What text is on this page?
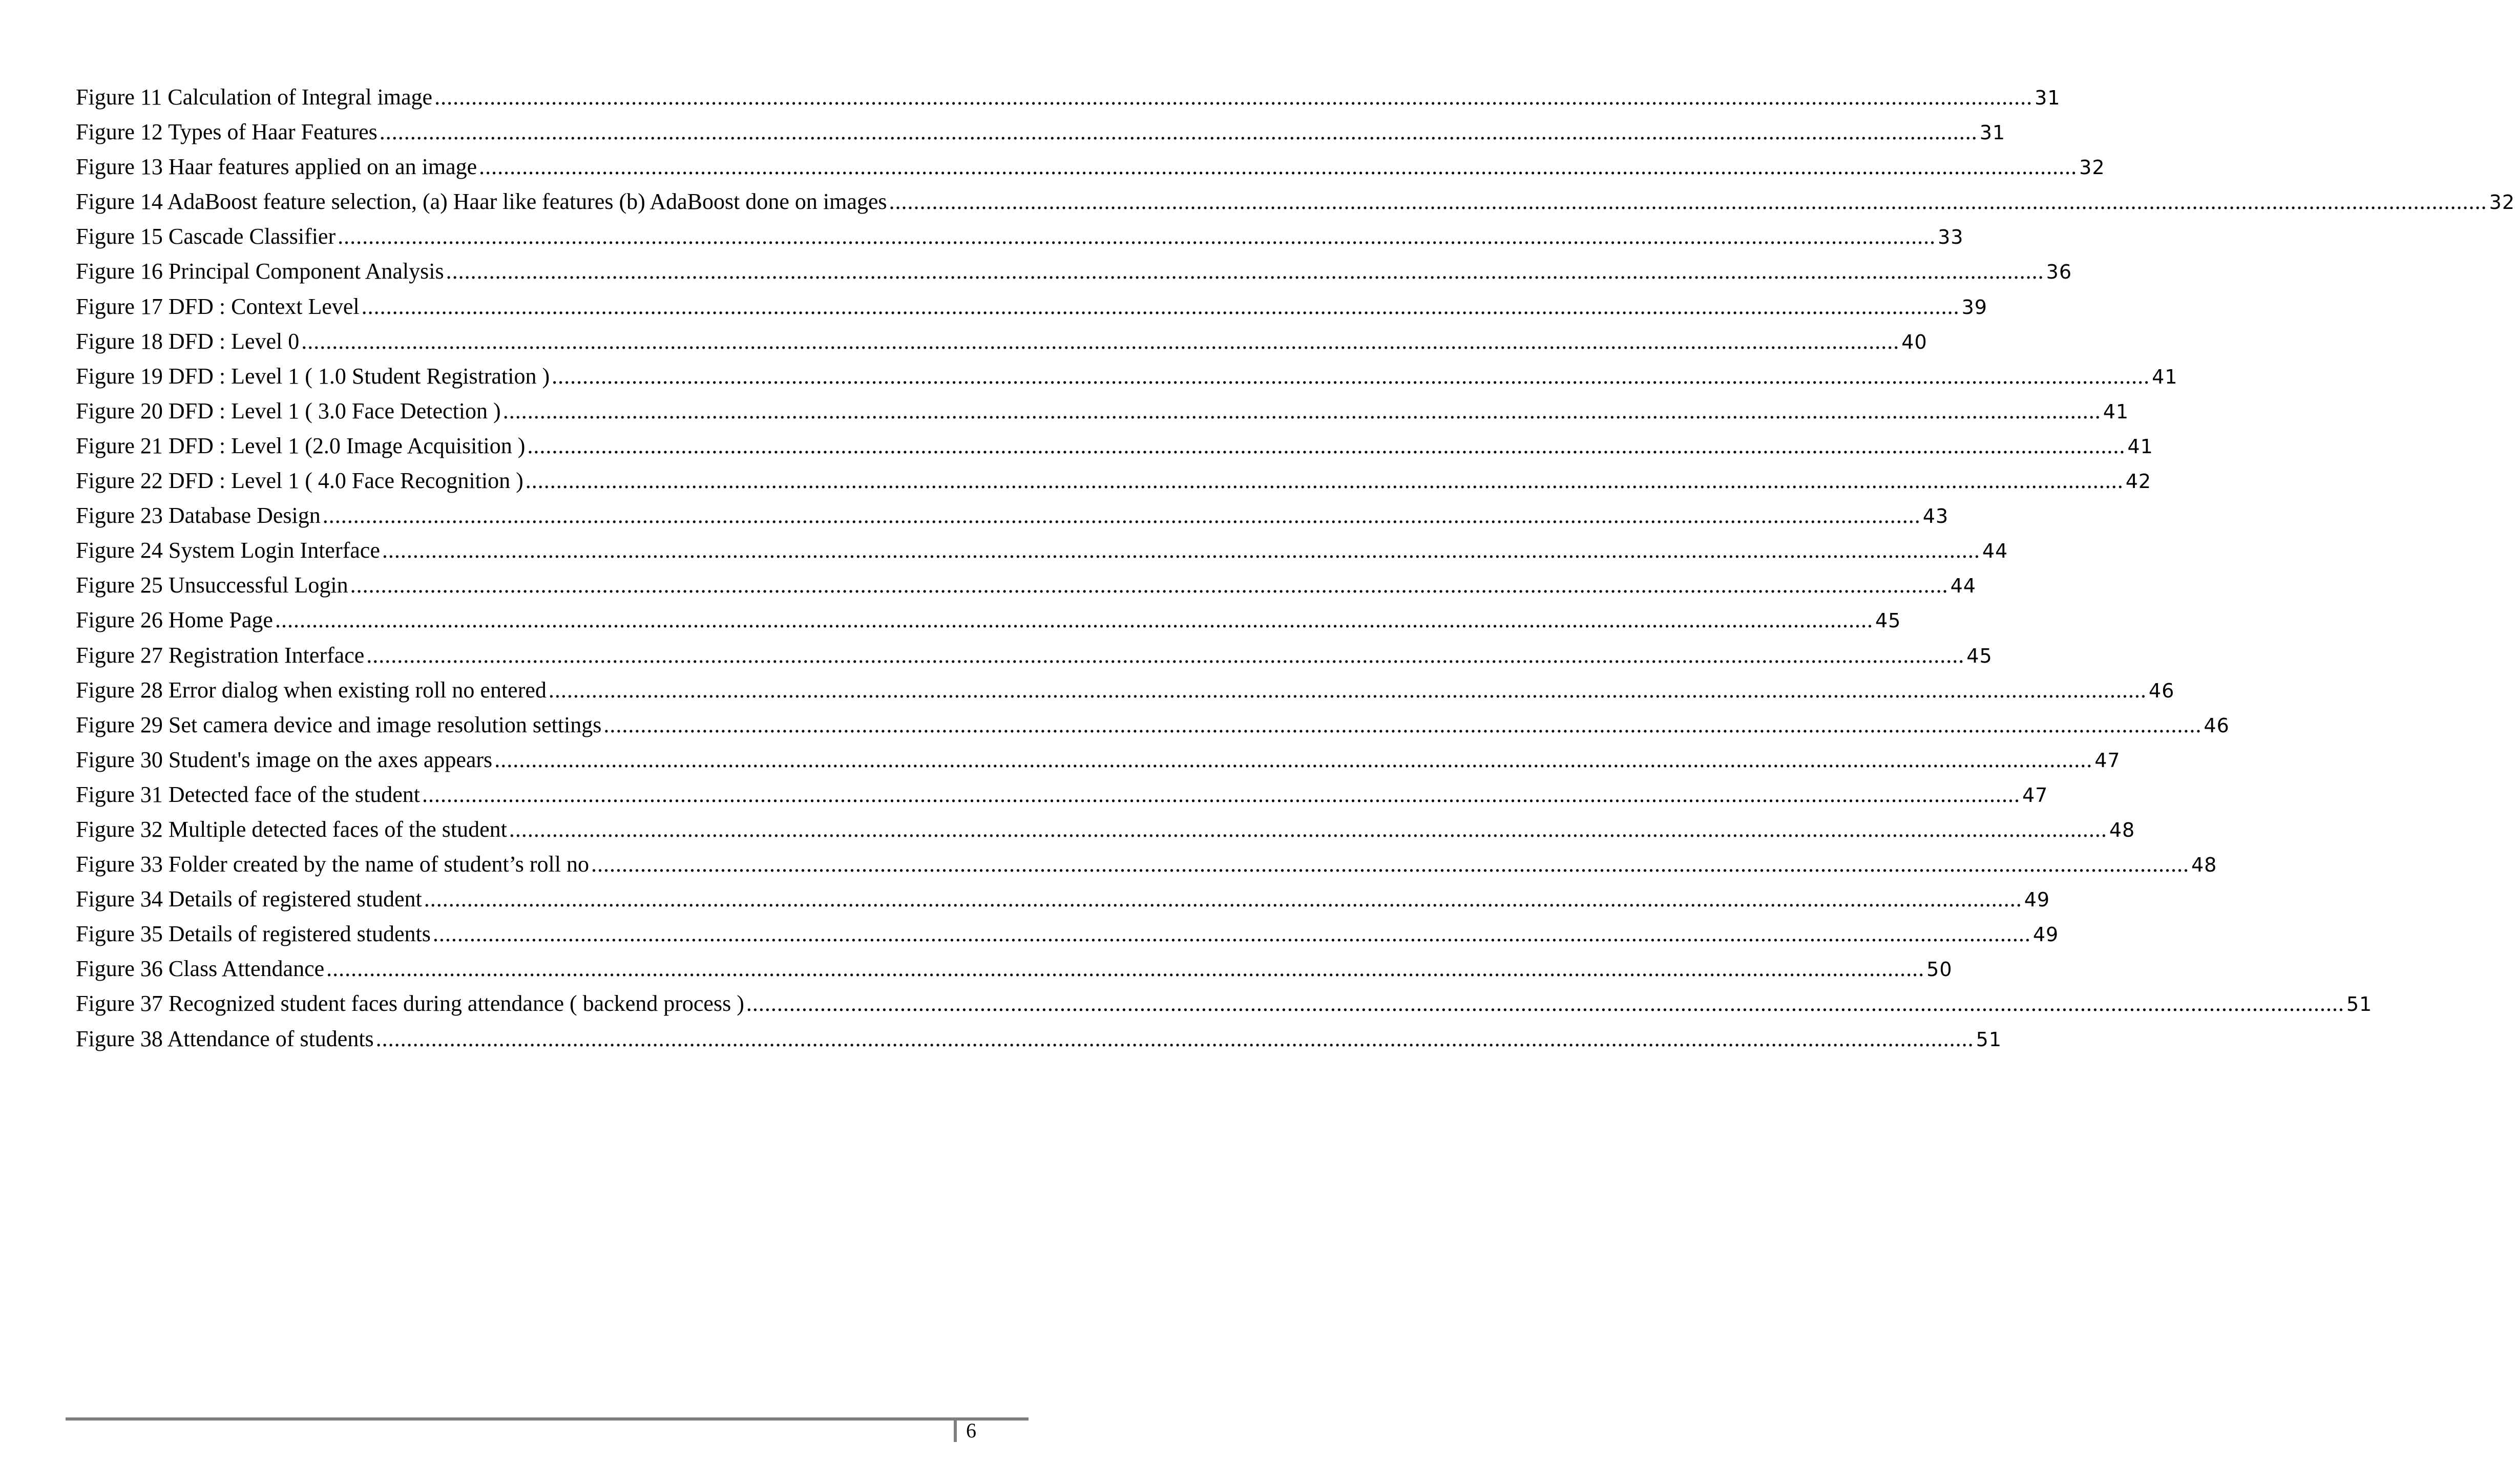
Figure 11 Calculation of Integral image .................................................................................................................................................................................................................................................................... 31
Figure 12 Types of Haar Features .................................................................................................................................................................................................................................................................... 31
Figure 13 Haar features applied on an image .................................................................................................................................................................................................................................................................... 32
Figure 14 AdaBoost feature selection, (a) Haar like features (b) AdaBoost done on images .................................................................................................................................................................................................................................................................... 32
Figure 15 Cascade Classifier .................................................................................................................................................................................................................................................................... 33
Figure 16 Principal Component Analysis .................................................................................................................................................................................................................................................................... 36
Figure 17 DFD : Context Level .................................................................................................................................................................................................................................................................... 39
Figure 18 DFD : Level 0 .................................................................................................................................................................................................................................................................... 40
Figure 19 DFD : Level 1 ( 1.0 Student Registration ) .................................................................................................................................................................................................................................................................... 41
Figure 20 DFD : Level 1 ( 3.0 Face Detection ) .................................................................................................................................................................................................................................................................... 41
Figure 21 DFD : Level 1 (2.0 Image Acquisition ) .................................................................................................................................................................................................................................................................... 41
Figure 22 DFD : Level 1 ( 4.0 Face Recognition ) .................................................................................................................................................................................................................................................................... 42
Figure 23 Database Design .................................................................................................................................................................................................................................................................... 43
Figure 24 System Login Interface .................................................................................................................................................................................................................................................................... 44
Figure 25 Unsuccessful Login .................................................................................................................................................................................................................................................................... 44
Figure 26 Home Page .................................................................................................................................................................................................................................................................... 45
Figure 27 Registration Interface .................................................................................................................................................................................................................................................................... 45
Figure 28 Error dialog when existing roll no entered .................................................................................................................................................................................................................................................................... 46
Figure 29 Set camera device and image resolution settings .................................................................................................................................................................................................................................................................... 46
Figure 30 Student's image on the axes appears .................................................................................................................................................................................................................................................................... 47
Figure 31 Detected face of the student .................................................................................................................................................................................................................................................................... 47
Figure 32 Multiple detected faces of the student .................................................................................................................................................................................................................................................................... 48
Figure 33 Folder created by the name of student’s roll no .................................................................................................................................................................................................................................................................... 48
Figure 34 Details of registered student .................................................................................................................................................................................................................................................................... 49
Figure 35 Details of registered students .................................................................................................................................................................................................................................................................... 49
Figure 36 Class Attendance .................................................................................................................................................................................................................................................................... 50
Figure 37 Recognized student faces during attendance ( backend process ) .................................................................................................................................................................................................................................................................... 51
Figure 38 Attendance of students .................................................................................................................................................................................................................................................................... 51
6
